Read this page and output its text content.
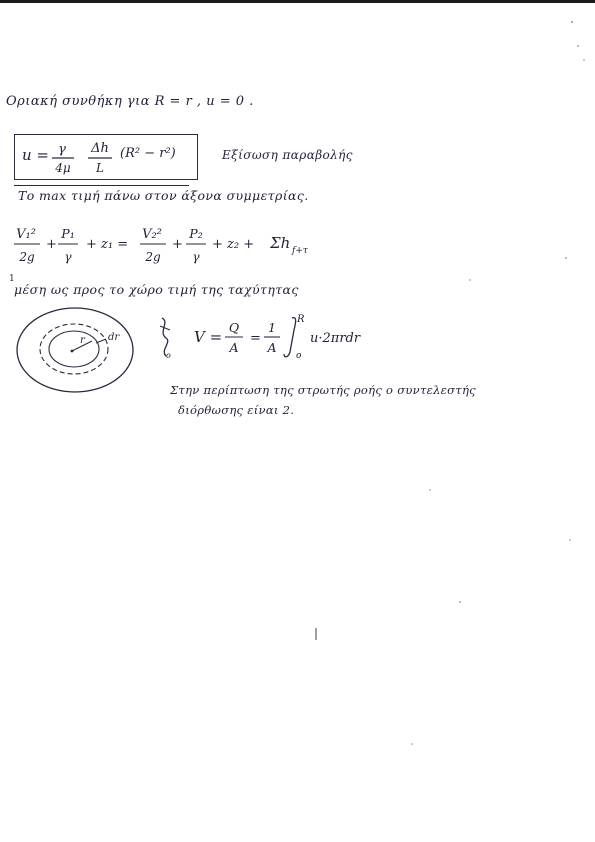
Οριακή συνθήκη για R = r , u = 0 .
Εξίσωση παραβολής
Το max τιμή πάνω στον άξονα συμμετρίας.
1
μέση ως προς το χώρο τιμή της ταχύτητας
Στην περίπτωση της στρωτής ροής ο συντελεστής
διόρθωσης είναι 2.
u = γ
4μ
Δh
L
(R² − r²)
V₁²
2g
+
P₁
γ
+ z₁ =
V₂²
2g
+
P₂
γ
+ z₂ + Σh f+τ
r dr
o
V =
Q
A
=
1
A
R
o
u·2πrdr
